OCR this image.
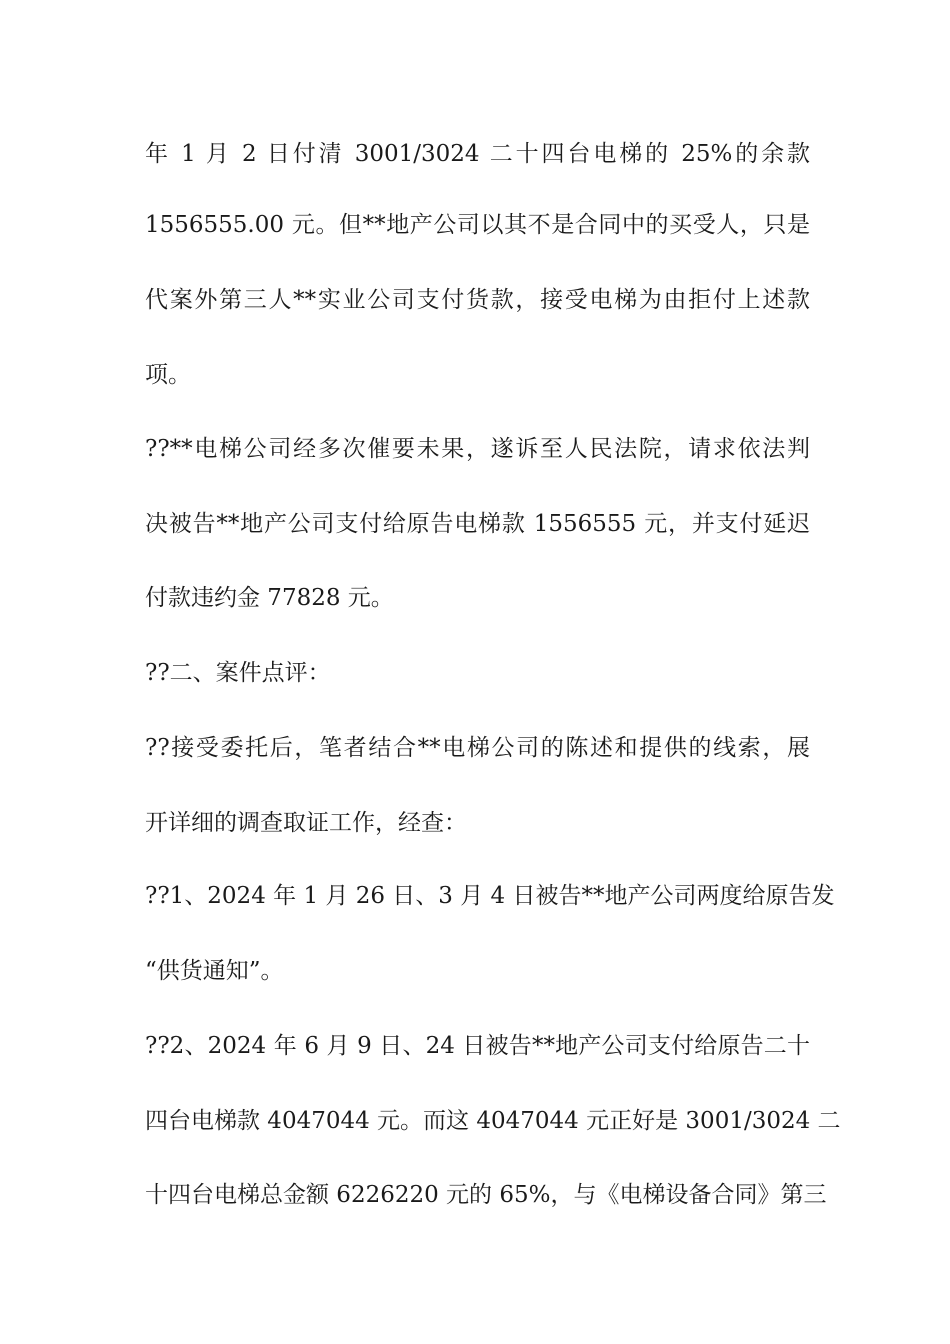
年 1 月 2 日付清 3001/3024 二十四台电梯的 25%的余款
1556555.00 元。但**地产公司以其不是合同中的买受人，只是
代案外第三人**实业公司支付货款，接受电梯为由拒付上述款
项。
??**电梯公司经多次催要未果，遂诉至人民法院，请求依法判
决被告**地产公司支付给原告电梯款 1556555 元，并支付延迟
付款违约金 77828 元。
??二、案件点评：
??接受委托后，笔者结合**电梯公司的陈述和提供的线索，展
开详细的调查取证工作，经查：
??1、2024 年 1 月 26 日、3 月 4 日被告**地产公司两度给原告发
“供货通知”。
??2、2024 年 6 月 9 日、24 日被告**地产公司支付给原告二十
四台电梯款 4047044 元。而这 4047044 元正好是 3001/3024 二
十四台电梯总金额 6226220 元的 65%，与《电梯设备合同》第三
